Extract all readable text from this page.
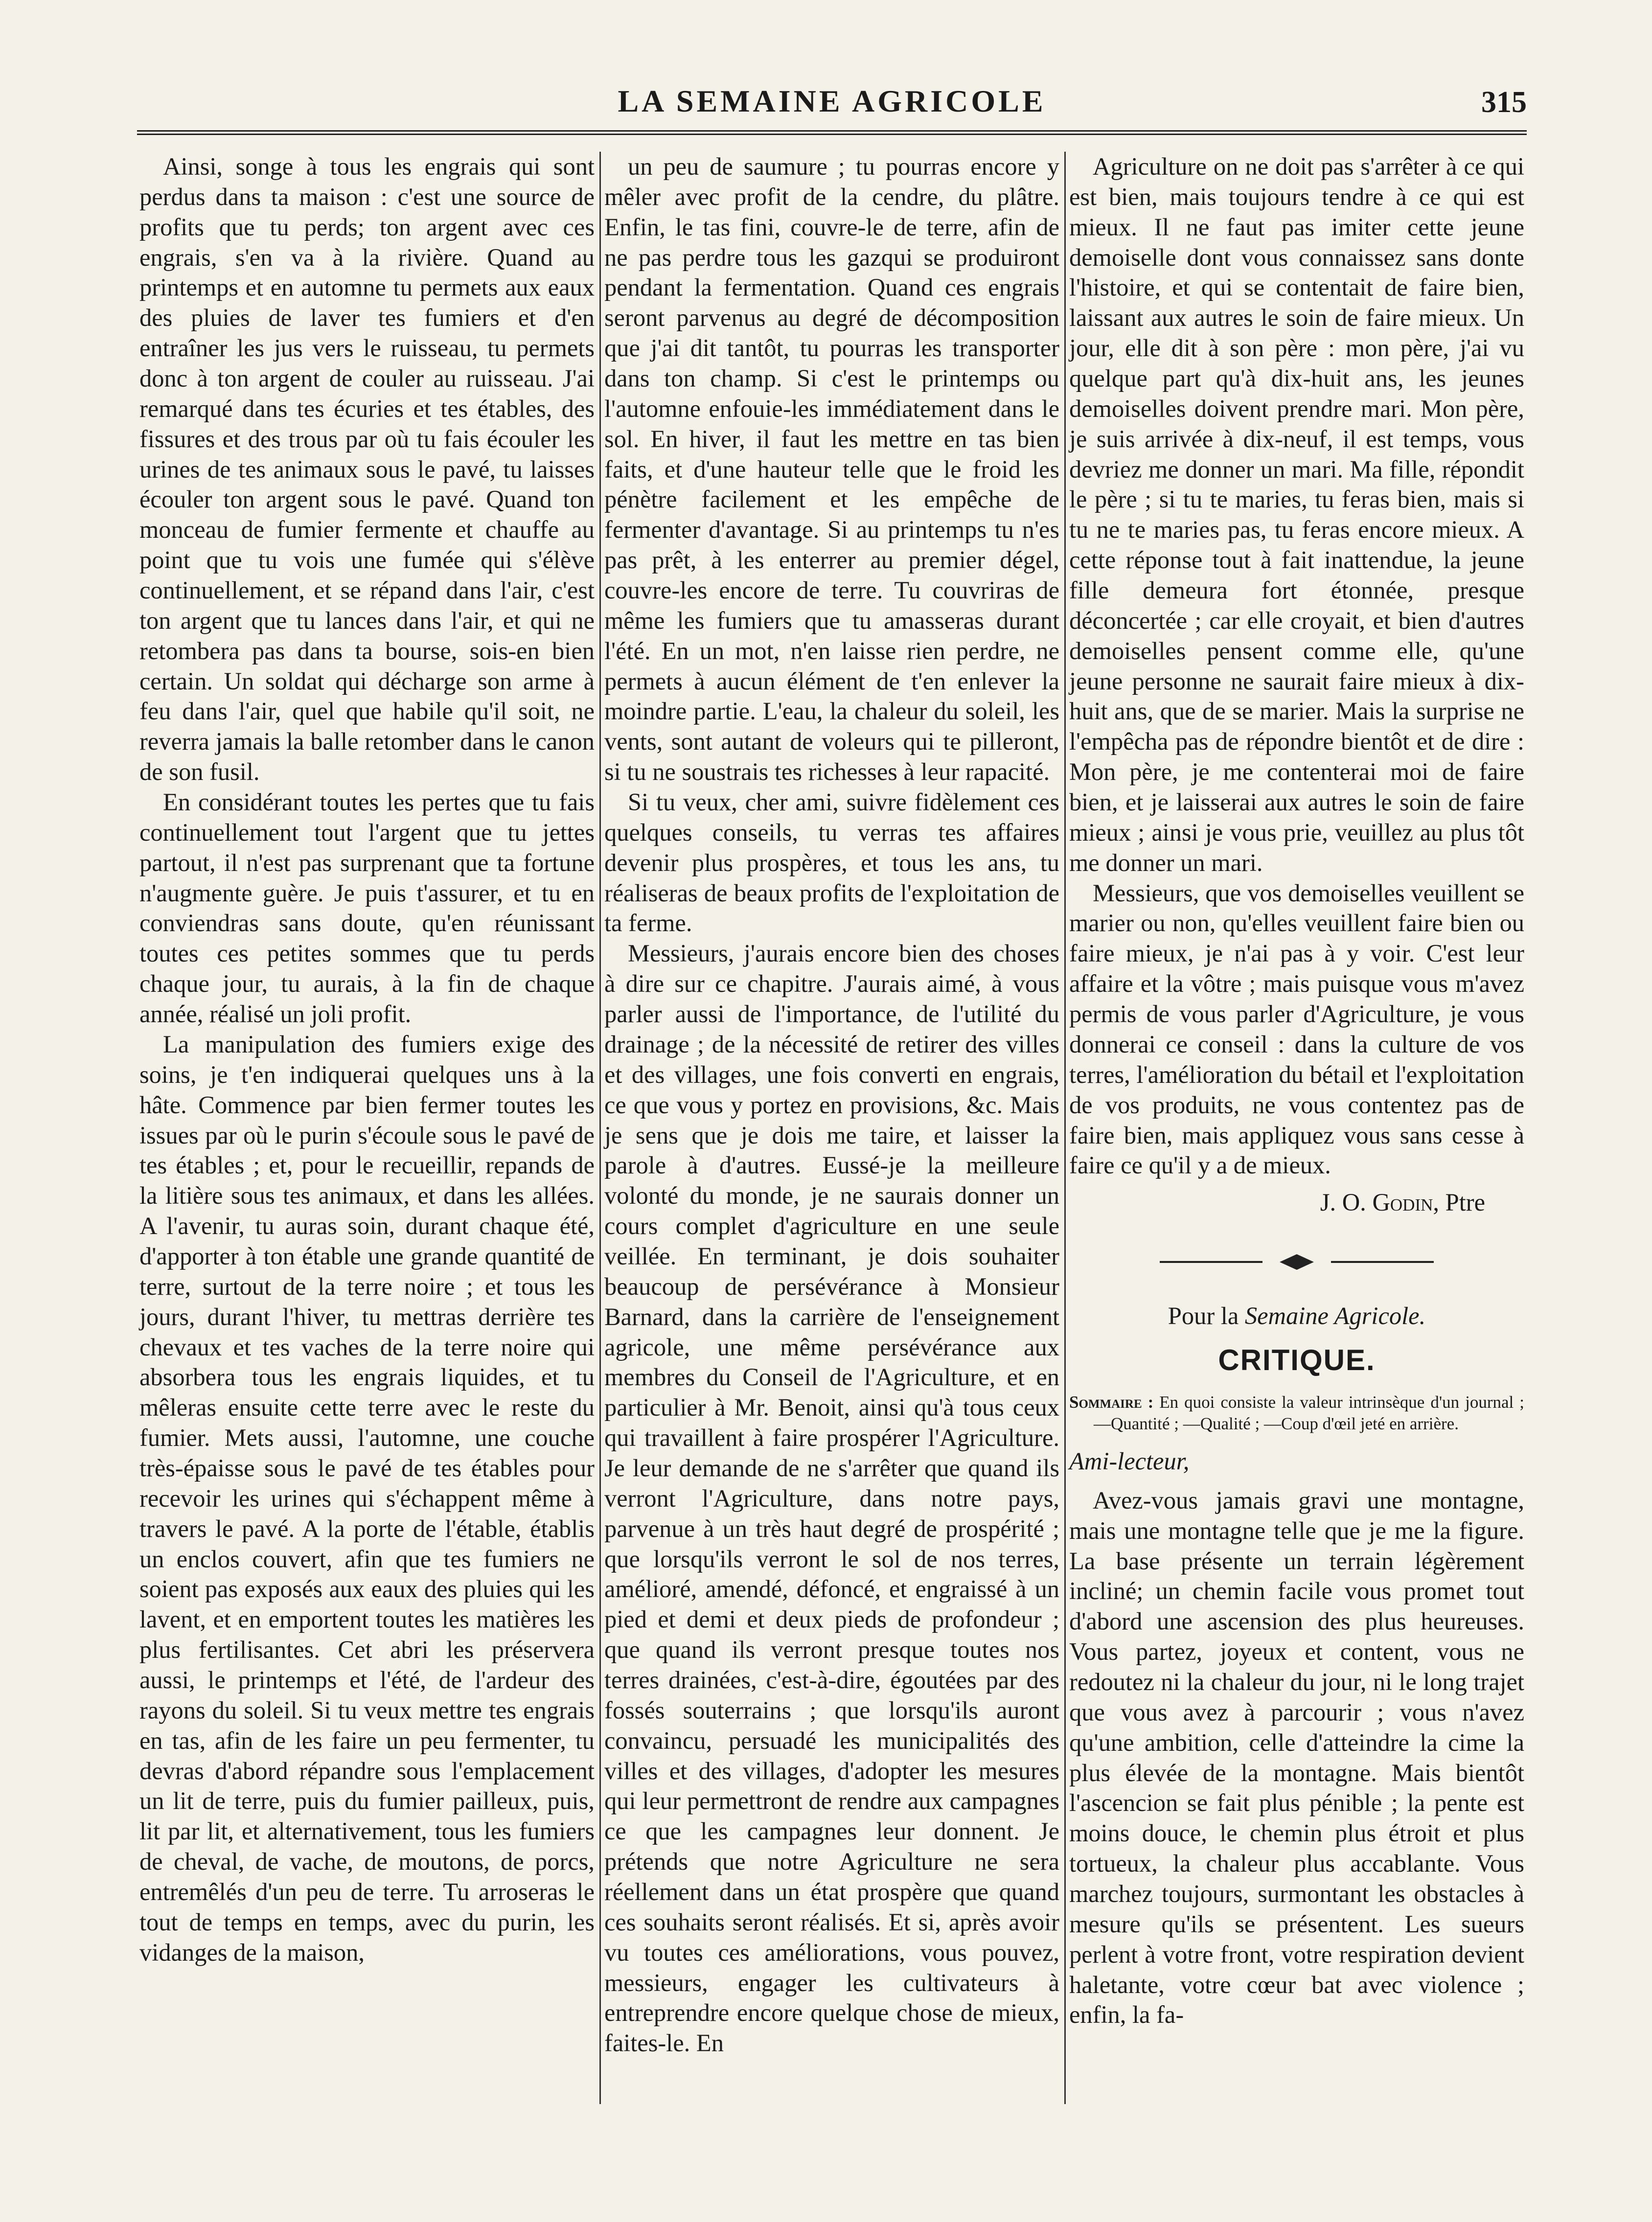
LA SEMAINE AGRICOLE	315

Ainsi, songe à tous les engrais qui sont perdus dans ta maison : c'est une source de profits que tu perds; ton argent avec ces engrais, s'en va à la rivière. Quand au printemps et en automne tu permets aux eaux des pluies de laver tes fumiers et d'en entraîner les jus vers le ruisseau, tu permets donc à ton argent de couler au ruisseau. J'ai remarqué dans tes écuries et tes étables, des fissures et des trous par où tu fais écouler les urines de tes animaux sous le pavé, tu laisses écouler ton argent sous le pavé. Quand ton monceau de fumier fermente et chauffe au point que tu vois une fumée qui s'élève continuellement, et se répand dans l'air, c'est ton argent que tu lances dans l'air, et qui ne retombera pas dans ta bourse, sois-en bien certain. Un soldat qui décharge son arme à feu dans l'air, quel que habile qu'il soit, ne reverra jamais la balle retomber dans le canon de son fusil.

En considérant toutes les pertes que tu fais continuellement tout l'argent que tu jettes partout, il n'est pas surprenant que ta fortune n'augmente guère. Je puis t'assurer, et tu en conviendras sans doute, qu'en réunissant toutes ces petites sommes que tu perds chaque jour, tu aurais, à la fin de chaque année, réalisé un joli profit.

La manipulation des fumiers exige des soins, je t'en indiquerai quelques uns à la hâte. Commence par bien fermer toutes les issues par où le purin s'écoule sous le pavé de tes étables ; et, pour le recueillir, repands de la litière sous tes animaux, et dans les allées. A l'avenir, tu auras soin, durant chaque été, d'apporter à ton étable une grande quantité de terre, surtout de la terre noire ; et tous les jours, durant l'hiver, tu mettras derrière tes chevaux et tes vaches de la terre noire qui absorbera tous les engrais liquides, et tu mêleras ensuite cette terre avec le reste du fumier. Mets aussi, l'automne, une couche très-épaisse sous le pavé de tes étables pour recevoir les urines qui s'échappent même à travers le pavé. A la porte de l'étable, établis un enclos couvert, afin que tes fumiers ne soient pas exposés aux eaux des pluies qui les lavent, et en emportent toutes les matières les plus fertilisantes. Cet abri les préservera aussi, le printemps et l'été, de l'ardeur des rayons du soleil. Si tu veux mettre tes engrais en tas, afin de les faire un peu fermenter, tu devras d'abord répandre sous l'emplacement un lit de terre, puis du fumier pailleux, puis, lit par lit, et alternativement, tous les fumiers de cheval, de vache, de moutons, de porcs, entremêlés d'un peu de terre. Tu arroseras le tout de temps en temps, avec du purin, les vidanges de la maison,

un peu de saumure ; tu pourras encore y mêler avec profit de la cendre, du plâtre. Enfin, le tas fini, couvre-le de terre, afin de ne pas perdre tous les gazqui se produiront pendant la fermentation. Quand ces engrais seront parvenus au degré de décomposition que j'ai dit tantôt, tu pourras les transporter dans ton champ. Si c'est le printemps ou l'automne enfouie-les immédiatement dans le sol. En hiver, il faut les mettre en tas bien faits, et d'une hauteur telle que le froid les pénètre facilement et les empêche de fermenter d'avantage. Si au printemps tu n'es pas prêt, à les enterrer au premier dégel, couvre-les encore de terre. Tu couvriras de même les fumiers que tu amasseras durant l'été. En un mot, n'en laisse rien perdre, ne permets à aucun élément de t'en enlever la moindre partie. L'eau, la chaleur du soleil, les vents, sont autant de voleurs qui te pilleront, si tu ne soustrais tes richesses à leur rapacité.

Si tu veux, cher ami, suivre fidèlement ces quelques conseils, tu verras tes affaires devenir plus prospères, et tous les ans, tu réaliseras de beaux profits de l'exploitation de ta ferme.

Messieurs, j'aurais encore bien des choses à dire sur ce chapitre. J'aurais aimé, à vous parler aussi de l'importance, de l'utilité du drainage ; de la nécessité de retirer des villes et des villages, une fois converti en engrais, ce que vous y portez en provisions, &c. Mais je sens que je dois me taire, et laisser la parole à d'autres. Eussé-je la meilleure volonté du monde, je ne saurais donner un cours complet d'agriculture en une seule veillée. En terminant, je dois souhaiter beaucoup de persévérance à Monsieur Barnard, dans la carrière de l'enseignement agricole, une même persévérance aux membres du Conseil de l'Agriculture, et en particulier à Mr. Benoit, ainsi qu'à tous ceux qui travaillent à faire prospérer l'Agriculture. Je leur demande de ne s'arrêter que quand ils verront l'Agriculture, dans notre pays, parvenue à un très haut degré de prospérité ; que lorsqu'ils verront le sol de nos terres, amélioré, amendé, défoncé, et engraissé à un pied et demi et deux pieds de profondeur ; que quand ils verront presque toutes nos terres drainées, c'est-à-dire, égoutées par des fossés souterrains ; que lorsqu'ils auront convaincu, persuadé les municipalités des villes et des villages, d'adopter les mesures qui leur permettront de rendre aux campagnes ce que les campagnes leur donnent. Je prétends que notre Agriculture ne sera réellement dans un état prospère que quand ces souhaits seront réalisés. Et si, après avoir vu toutes ces améliorations, vous pouvez, messieurs, engager les cultivateurs à entreprendre encore quelque chose de mieux, faites-le. En

Agriculture on ne doit pas s'arrêter à ce qui est bien, mais toujours tendre à ce qui est mieux. Il ne faut pas imiter cette jeune demoiselle dont vous connaissez sans donte l'histoire, et qui se contentait de faire bien, laissant aux autres le soin de faire mieux. Un jour, elle dit à son père : mon père, j'ai vu quelque part qu'à dix-huit ans, les jeunes demoiselles doivent prendre mari. Mon père, je suis arrivée à dix-neuf, il est temps, vous devriez me donner un mari. Ma fille, répondit le père ; si tu te maries, tu feras bien, mais si tu ne te maries pas, tu feras encore mieux. A cette réponse tout à fait inattendue, la jeune fille demeura fort étonnée, presque déconcertée ; car elle croyait, et bien d'autres demoiselles pensent comme elle, qu'une jeune personne ne saurait faire mieux à dix-huit ans, que de se marier. Mais la surprise ne l'empêcha pas de répondre bientôt et de dire : Mon père, je me contenterai moi de faire bien, et je laisserai aux autres le soin de faire mieux ; ainsi je vous prie, veuillez au plus tôt me donner un mari.

Messieurs, que vos demoiselles veuillent se marier ou non, qu'elles veuillent faire bien ou faire mieux, je n'ai pas à y voir. C'est leur affaire et la vôtre ; mais puisque vous m'avez permis de vous parler d'Agriculture, je vous donnerai ce conseil : dans la culture de vos terres, l'amélioration du bétail et l'exploitation de vos produits, ne vous contentez pas de faire bien, mais appliquez vous sans cesse à faire ce qu'il y a de mieux.

J. O. Godin, Ptre
Pour la Semaine Agricole.
CRITIQUE.
Sommaire : En quoi consiste la valeur intrinsèque d'un journal ; —Quantité ; —Qualité ; —Coup d'œil jeté en arrière.
Ami-lecteur,

Avez-vous jamais gravi une montagne, mais une montagne telle que je me la figure. La base présente un terrain légèrement incliné; un chemin facile vous promet tout d'abord une ascension des plus heureuses. Vous partez, joyeux et content, vous ne redoutez ni la chaleur du jour, ni le long trajet que vous avez à parcourir ; vous n'avez qu'une ambition, celle d'atteindre la cime la plus élevée de la montagne. Mais bientôt l'ascencion se fait plus pénible ; la pente est moins douce, le chemin plus étroit et plus tortueux, la chaleur plus accablante. Vous marchez toujours, surmontant les obstacles à mesure qu'ils se présentent. Les sueurs perlent à votre front, votre respiration devient haletante, votre cœur bat avec violence ; enfin, la fa-
